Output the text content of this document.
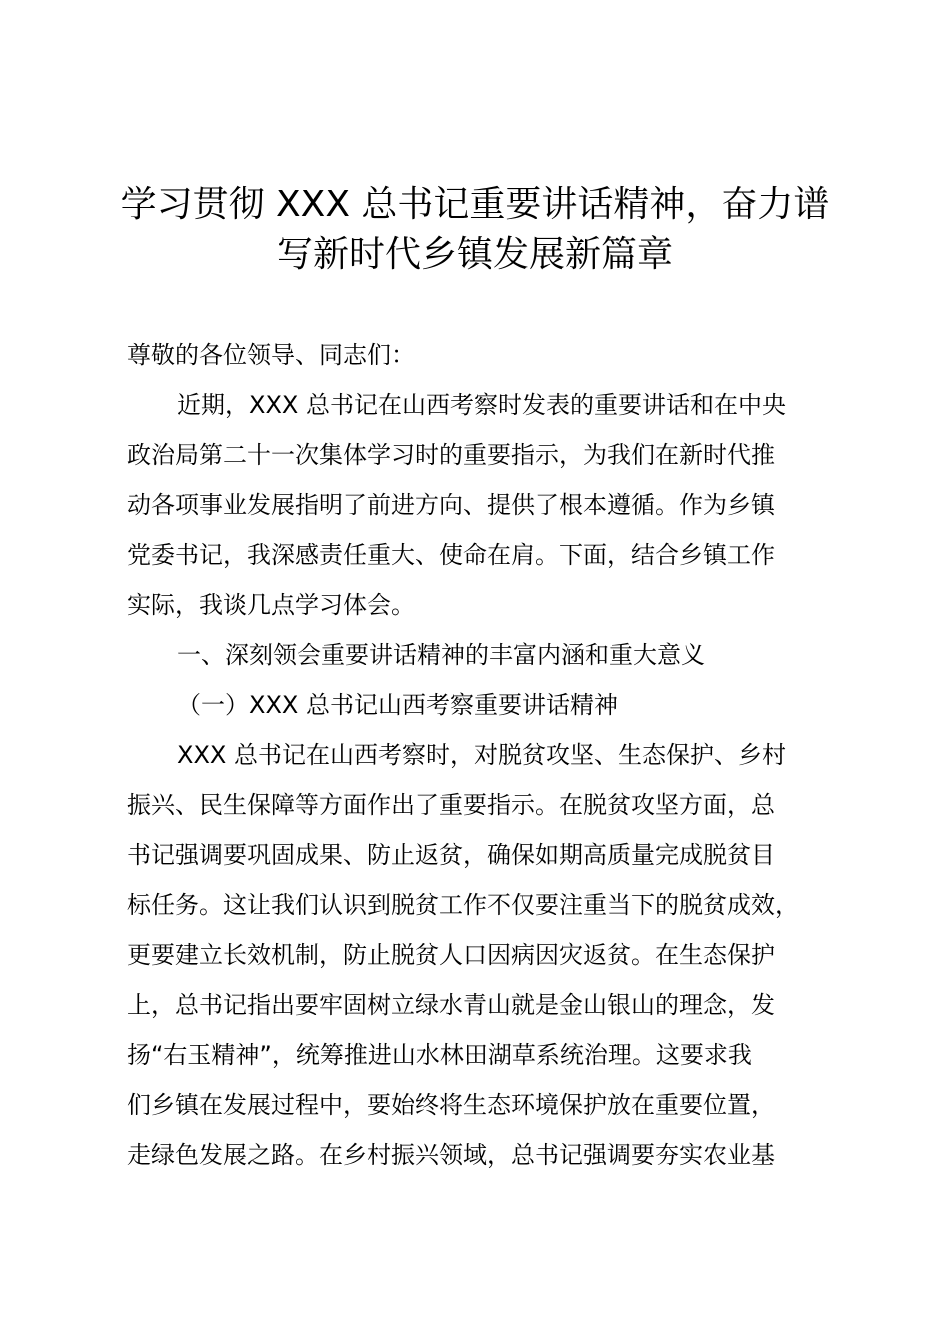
学习贯彻 XXX 总书记重要讲话精神，奋力谱
写新时代乡镇发展新篇章
尊敬的各位领导、同志们：
近期，XXX 总书记在山西考察时发表的重要讲话和在中央
政治局第二十一次集体学习时的重要指示，为我们在新时代推
动各项事业发展指明了前进方向、提供了根本遵循。作为乡镇
党委书记，我深感责任重大、使命在肩。下面，结合乡镇工作
实际，我谈几点学习体会。
一、深刻领会重要讲话精神的丰富内涵和重大意义
（一）XXX 总书记山西考察重要讲话精神
XXX 总书记在山西考察时，对脱贫攻坚、生态保护、乡村
振兴、民生保障等方面作出了重要指示。在脱贫攻坚方面，总
书记强调要巩固成果、防止返贫，确保如期高质量完成脱贫目
标任务。这让我们认识到脱贫工作不仅要注重当下的脱贫成效，
更要建立长效机制，防止脱贫人口因病因灾返贫。在生态保护
上，总书记指出要牢固树立绿水青山就是金山银山的理念，发
扬“右玉精神”，统筹推进山水林田湖草系统治理。这要求我
们乡镇在发展过程中，要始终将生态环境保护放在重要位置，
走绿色发展之路。在乡村振兴领域，总书记强调要夯实农业基
